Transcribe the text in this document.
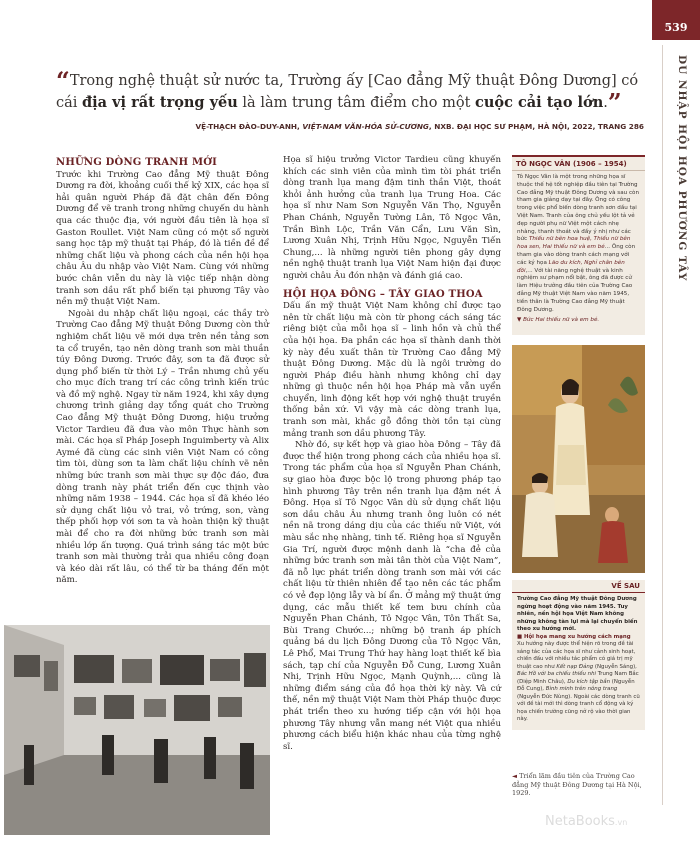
539
DU NHẬP HỘI HỌA PHƯƠNG TÂY
“Trong nghệ thuật sử nước ta, Trường ấy [Cao đẳng Mỹ thuật Đông Dương] có cái địa vị rất trọng yếu là làm trung tâm điểm cho một cuộc cải tạo lớn.”
VỆ-THẠCH ĐÀO-DUY-ANH, VIỆT-NAM VĂN-HÓA SỬ-CƯƠNG, NXB. ĐẠI HỌC SƯ PHẠM, HÀ NỘI, 2022, TRANG 286
NHỮNG DÒNG TRANH MỚI

Trước khi Trường Cao đẳng Mỹ thuật Đông Dương ra đời, khoảng cuối thế kỷ XIX, các họa sĩ hải quân người Pháp đã đặt chân đến Đông Dương để vẽ tranh trong những chuyến du hành qua các thuộc địa, với người đầu tiên là họa sĩ Gaston Roullet. Việt Nam cũng có một số người sang học tập mỹ thuật tại Pháp, đó là tiền đề để những chất liệu và phong cách của nền hội họa châu Âu du nhập vào Việt Nam. Cùng với những bước chân viễn du này là việc tiếp nhận dòng tranh sơn dầu rất phổ biến tại phương Tây vào nền mỹ thuật Việt Nam.

Ngoài du nhập chất liệu ngoại, các thầy trò Trường Cao đẳng Mỹ thuật Đông Dương còn thử nghiệm chất liệu vẽ mới dựa trên nền tảng sơn ta cổ truyền, tạo nên dòng tranh sơn mài thuần túy Đông Dương. Trước đây, sơn ta đã được sử dụng phổ biến từ thời Lý – Trần nhưng chủ yếu cho mục đích trang trí các công trình kiến trúc và đồ mỹ nghệ. Ngay từ năm 1924, khi xây dựng chương trình giảng dạy tổng quát cho Trường Cao đẳng Mỹ thuật Đông Dương, hiệu trưởng Victor Tardieu đã đưa vào môn Thực hành sơn mài. Các họa sĩ Pháp Joseph Inguimberty và Alix Aymé đã cùng các sinh viên Việt Nam có công tìm tòi, dùng sơn ta làm chất liệu chính vẽ nên những bức tranh sơn mài thực sự độc đáo, đưa dòng tranh này phát triển đến cực thịnh vào những năm 1938 – 1944. Các họa sĩ đã khéo léo sử dụng chất liệu vỏ trai, vỏ trứng, son, vàng thếp phối hợp với sơn ta và hoàn thiện kỹ thuật mài để cho ra đời những bức tranh sơn mài nhiều lớp ấn tượng. Quá trình sáng tác một bức tranh sơn mài thường trải qua nhiều công đoạn và kéo dài rất lâu, có thể từ ba tháng đến một năm.

Họa sĩ hiệu trưởng Victor Tardieu cũng khuyến khích các sinh viên của mình tìm tòi phát triển dòng tranh lụa mang đậm tinh thần Việt, thoát khỏi ảnh hưởng của tranh lụa Trung Hoa. Các họa sĩ như Nam Sơn Nguyễn Văn Thọ, Nguyễn Phan Chánh, Nguyễn Tường Lân, Tô Ngọc Vân, Trần Bình Lộc, Trần Văn Cẩn, Lưu Văn Sìn, Lương Xuân Nhị, Trịnh Hữu Ngọc, Nguyễn Tiến Chung,... là những người tiên phong gây dựng nền nghệ thuật tranh lụa Việt Nam hiện đại được người châu Âu đón nhận và đánh giá cao.

HỘI HỌA ĐÔNG – TÂY GIAO THOA

Dấu ấn mỹ thuật Việt Nam không chỉ được tạo nên từ chất liệu mà còn từ phong cách sáng tác riêng biệt của mỗi họa sĩ – linh hồn và chủ thể của hội họa. Đa phần các họa sĩ thành danh thời kỳ này đều xuất thân từ Trường Cao đẳng Mỹ thuật Đông Dương. Mặc dù là ngôi trường do người Pháp điều hành nhưng không chỉ dạy những gì thuộc nền hội họa Pháp mà vẫn uyển chuyển, linh động kết hợp với nghệ thuật truyền thống bản xứ. Vì vậy mà các dòng tranh lụa, tranh sơn mài, khắc gỗ đồng thời tồn tại cùng mảng tranh sơn dầu phương Tây.

Nhờ đó, sự kết hợp và giao hòa Đông – Tây đã được thể hiện trong phong cách của nhiều họa sĩ. Trong tác phẩm của họa sĩ Nguyễn Phan Chánh, sự giao hòa được bộc lộ trong phương pháp tạo hình phương Tây trên nền tranh lụa đậm nét Á Đông. Họa sĩ Tô Ngọc Vân dù sử dụng chất liệu sơn dầu châu Âu nhưng tranh ông luôn có nét nền nã trong dáng dịu của các thiếu nữ Việt, với màu sắc nhẹ nhàng, tinh tế. Riêng họa sĩ Nguyễn Gia Trí, người được mệnh danh là “cha đẻ của những bức tranh sơn mài tân thời của Việt Nam”, đã nỗ lực phát triển dòng tranh sơn mài với các chất liệu từ thiên nhiên để tạo nên các tác phẩm có vẻ đẹp lộng lẫy và bí ẩn. Ở mảng mỹ thuật ứng dụng, các mẫu thiết kế tem bưu chính của Nguyễn Phan Chánh, Tô Ngọc Vân, Tôn Thất Sa, Bùi Trang Chước...; những bộ tranh áp phích quảng bá du lịch Đông Dương của Tô Ngọc Vân, Lê Phổ, Mai Trung Thứ hay hàng loạt thiết kế bìa sách, tạp chí của Nguyễn Đỗ Cung, Lương Xuân Nhị, Trịnh Hữu Ngọc, Mạnh Quỳnh,... cũng là những điểm sáng của đồ họa thời kỳ này. Và cứ thế, nền mỹ thuật Việt Nam thời Pháp thuộc được phát triển theo xu hướng tiếp cận với hội họa phương Tây nhưng vẫn mang nét Việt qua nhiều phương cách biểu hiện khác nhau của từng nghệ sĩ.

TÔ NGỌC VÂN (1906 – 1954)
Tô Ngọc Vân là một trong những họa sĩ thuộc thế hệ tốt nghiệp đầu tiên tại Trường Cao đẳng Mỹ thuật Đông Dương và sau còn tham gia giảng dạy tại đây. Ông có công trong việc phổ biến dòng tranh sơn dầu tại Việt Nam. Tranh của ông chủ yếu lột tả vẻ đẹp người phụ nữ Việt một cách nhẹ nhàng, thanh thoát và đầy ý nhị như các bức Thiếu nữ bên hoa huệ, Thiếu nữ bên hoa sen, Hai thiếu nữ và em bé... Ông còn tham gia vào dòng tranh cách mạng với các ký họa Lão du kích, Nghỉ chân bên đồi,... Với tài năng nghệ thuật và kinh nghiệm sư phạm nổi bật, ông đã được cử làm Hiệu trưởng đầu tiên của Trường Cao đẳng Mỹ thuật Việt Nam vào năm 1945, tiền thân là Trường Cao đẳng Mỹ thuật Đông Dương.
▼ Bức Hai thiếu nữ và em bé.
VỀ SAU
Trường Cao đẳng Mỹ thuật Đông Dương ngừng hoạt động vào năm 1945. Tuy nhiên, nền hội họa Việt Nam không những không tàn lụi mà lại chuyển biến theo xu hướng mới.
■ Hội họa mang xu hướng cách mạng
Xu hướng này được thể hiện rõ trong đề tài sáng tác của các họa sĩ như cảnh sinh hoạt, chiến đấu với nhiều tác phẩm có giá trị mỹ thuật cao như Kết nạp Đảng (Nguyễn Sáng), Bác Hồ với ba chiếu thiếu nhi Trung Nam Bắc (Diệp Minh Châu), Du kích tập bắn (Nguyễn Đỗ Cung), Bình minh trên nông trang (Nguyễn Đức Nùng). Ngoài các dòng tranh cũ với đề tài mới thì dòng tranh cổ động và ký họa chiến trường cũng nở rộ vào thời gian này.
◄ Triển lãm đầu tiên của Trường Cao đẳng Mỹ thuật Đông Dương tại Hà Nội, 1929.
NetaBooks.vn
